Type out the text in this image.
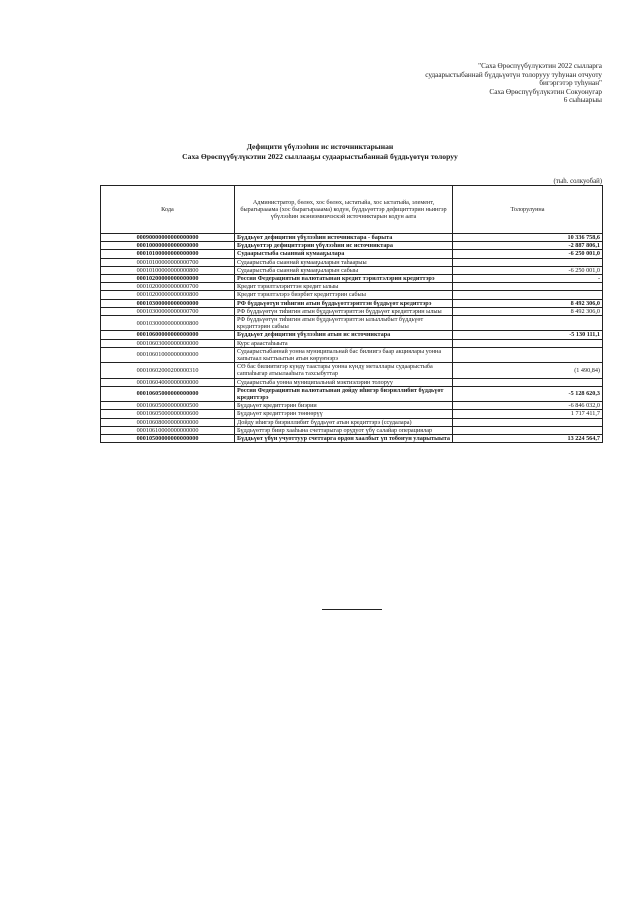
"Саха Өрөспүүбүлүкэтин 2022 сылларга
судаарыстыбаннай бүддьүөтүн толорууу туһунан отчуоту
бигэргэтэр туһунан"
Саха Өрөспүүбүлүкэтин Сокуонугар
6 сыһыарыы
Дефицити үбүлээһин ис источниктарынан
Саха Өрөспүүбүлүкэтин 2022 сыллааҕы судаарыстыбаннай бүддьүөтүн толоруу
(тыһ. солкуобай)
Кода	Администратор, бөлөх, хос бөлөх, ыстатыйа, хос ыстатыйа, элемент, бырагырааама (хос бырагырааама) кодун, бүддьүөттэр дефициттэрин ньингэр үбүлээһин экэниэмиичэскэй источниктарын кодун аата	Толорулунна
00090000000000000000	Бүддьүөт дефицитин үбүлээһин источниктара - барыта	10 336 758,6
00010000000000000000	Бүддьүөттэр дефициттэрин үбүлээһин ис источниктара	-2 887 806,1
00010100000000000000	Судаарыстыба сыаннай кумааҕылара	-6 250 001,0
00010100000000000700	Судаарыстыба сыаннай кумааҕыларын таһаарыы	
00010100000000000800	Судаарыстыба сыаннай кумааҕыларын сабыы	-6 250 001,0
00010200000000000000	Россия Федерациятын валютатынан кредит тэрилтэлэрин кредиттэрэ	-
00010200000000000700	Кредит тэрилтэлэриттэн кредит ылыы	
00010200000000000800	Кредит тэрилтэлэрэ биэрбит кредиттэрин сабыы	
00010300000000000000	РФ бүддьүөтүн тиһигин атын бүддьүөттэриттэн бүддьүөт кредиттэрэ	8 492 306,0
00010300000000000700	РФ бүддьүөтүн тиһигин атын бүддьүөттэриттэн бүддьүөт кредиттэрин ылыы	8 492 306,0
00010300000000000800	РФ бүддьүөтүн тиһигин атын бүддьүөттэриттэн ылыллыбыт бүддьүөт кредиттэрин сабыы	
00010600000000000000	Бүддьүөт дефицитин үбүлээһин атын ис источниктара	-5 130 111,1
00010603000000000000	Курс араастаһыыта	
00010601000000000000	Судаарыстыбаннай уонна муниципальнай бас билиигэ баар акциялары уонна хапытаал кыттыытын атын көрүҥнэрэ	
00010602000200000310	СӨ бас билиитигэр күндү таастары уонна күндү металлары судаарыстыба саппаһыгар атыылааһыга тахсыбуттар	(1 490,84)
00010604000000000000	Судаарыстыба уонна муниципальнай мэктиэлэрин толоруу	
00010605000000000000	Россия Федерациятын валютатынан дойду иһигэр биэриллибит бүддьүөт кредиттэрэ	-5 128 620,3
00010605000000000500	Бүддьүөт кредиттэрин биэрии	-6 846 032,0
00010605000000000600	Бүддьүөт кредиттэрин төннөрүү	1 717 411,7
00010608000000000000	Дойду иһигэр биэриллибит бүддьүөт атын кредиттэрэ (ссудалара)	
00010610000000000000	Бүддьүөттэр биир хааһына счеттарыгар орудуот үбү салайар операциялар	
00010500000000000000	Бүддьүөт үбүн учуоттуур счеттарга ордон хаалбыт үп тобоҥун уларытыыта	13 224 564,7
